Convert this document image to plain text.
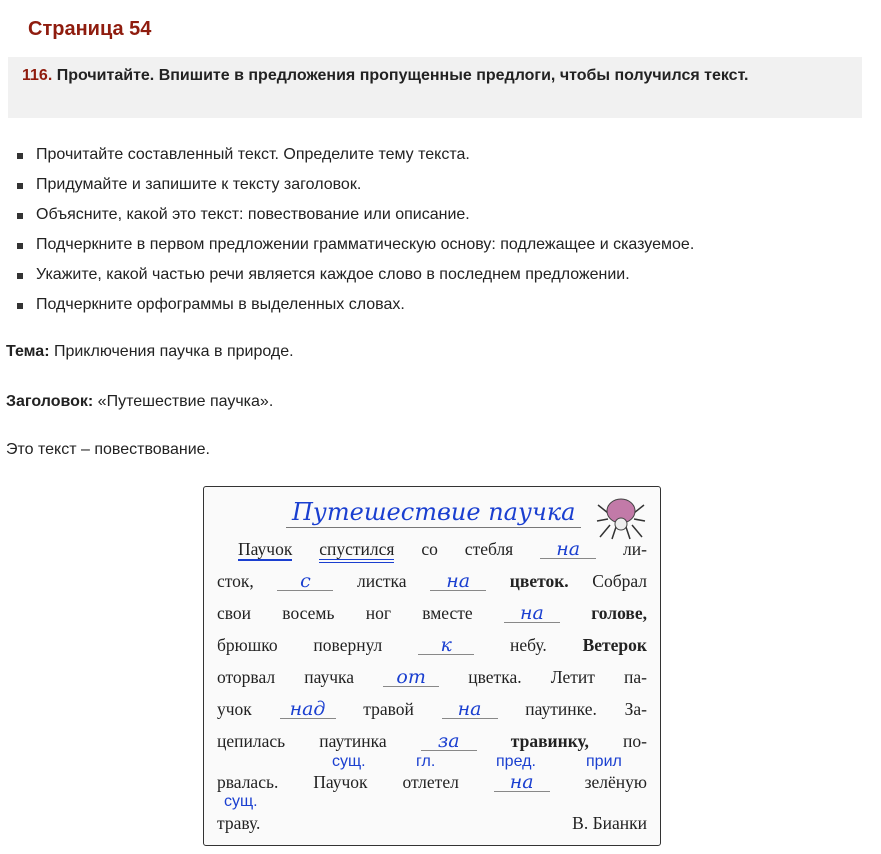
Страница 54
116. Прочитайте. Впишите в предложения пропущенные предлоги, чтобы получился текст.
Прочитайте составленный текст. Определите тему текста.
Придумайте и запишите к тексту заголовок.
Объясните, какой это текст: повествование или описание.
Подчеркните в первом предложении грамматическую основу: подлежащее и сказуемое.
Укажите, какой частью речи является каждое слово в последнем предложении.
Подчеркните орфограммы в выделенных словах.
Тема: Приключения паучка в природе.
Заголовок: «Путешествие паучка».
Это текст – повествование.
Путешествие паучка
Паучок спустился со стебля	на	ли-
сток,	с	листка	на	цветок. Собрал
свои восемь ног вместе	на	голове,
брюшко повернул	к	небу. Ветерок
оторвал паучка	от	цветка. Летит па-
учок	над	травой	на	паутинке. За-
цепилась паутинка	за	травинку, по-
сущ.	гл.	пред.	прил
рвалась. Паучок отлетел	на	зелёную
сущ.
траву.	В. Бианки
